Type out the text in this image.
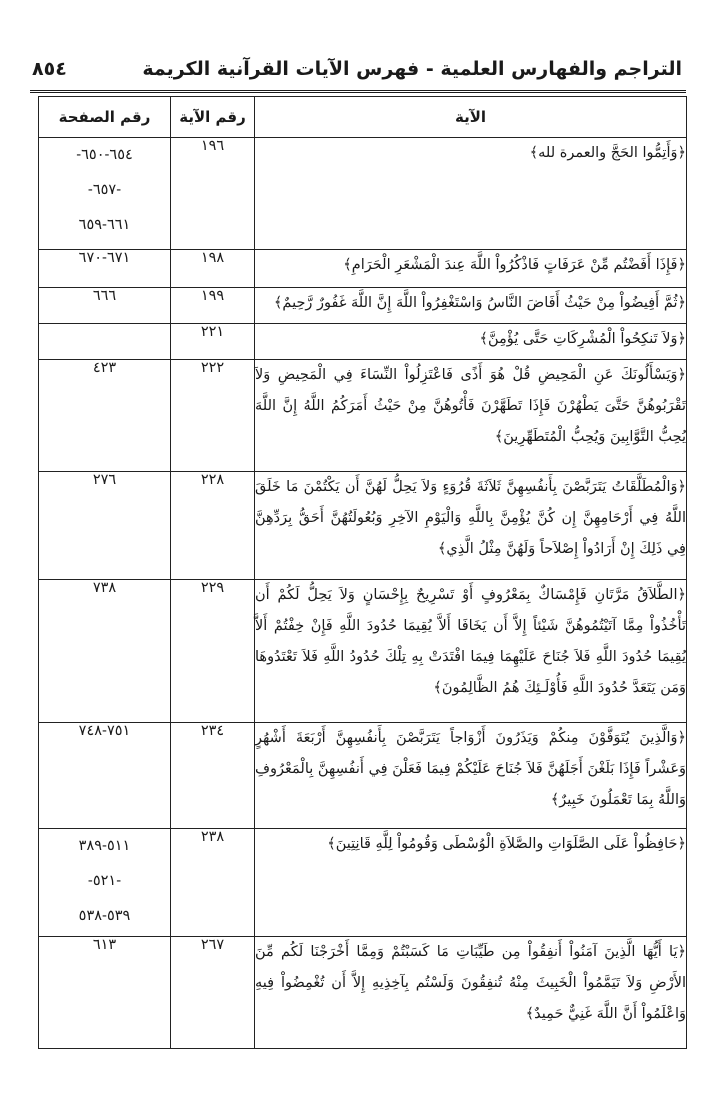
التراجم والفهارس العلمية - فهرس الآيات القرآنية الكريمة
٨٥٤
الآية	رقم الآية	رقم الصفحة
﴿وَأَتِمُّوا الحَجَّ والعمرة لله﴾	١٩٦	٦٥٤-٦٥٠-
-٦٥٧-
٦٦١-٦٥٩

﴿فَإِذَا أَفَضْتُم مِّنْ عَرَفَاتٍ فَاذْكُرُواْ اللَّهَ عِندَ الْمَشْعَرِ الْحَرَامِ﴾	١٩٨	٦٧١-٦٧٠
﴿ثُمَّ أَفِيضُواْ مِنْ حَيْثُ أَفَاضَ النَّاسُ وَاسْتَغْفِرُواْ اللَّهَ إِنَّ اللَّهَ غَفُورٌ رَّحِيمٌ﴾	١٩٩	٦٦٦
﴿وَلاَ تَنكِحُواْ الْمُشْرِكَاتِ حَتَّى يُؤْمِنَّ﴾	٢٢١	
﴿وَيَسْأَلُونَكَ عَنِ الْمَحِيضِ قُلْ هُوَ أَذًى فَاعْتَزِلُواْ النِّسَاءَ فِي الْمَحِيضِ وَلاَ تَقْرَبُوهُنَّ حَتَّىَ يَطْهُرْنَ فَإِذَا تَطَهَّرْنَ فَأْتُوهُنَّ مِنْ حَيْثُ أَمَرَكُمُ اللَّهُ إِنَّ اللَّهَ يُحِبُّ التَّوَّابِينَ وَيُحِبُّ الْمُتَطَهِّرِينَ﴾	٢٢٢	٤٢٣
﴿وَالْمُطَلَّقَاتُ يَتَرَبَّصْنَ بِأَنفُسِهِنَّ ثَلاَثَةَ قُرُوَءٍ وَلاَ يَحِلُّ لَهُنَّ أَن يَكْتُمْنَ مَا خَلَقَ اللَّهُ فِي أَرْحَامِهِنَّ إِن كُنَّ يُؤْمِنَّ بِاللَّهِ وَالْيَوْمِ الآخِرِ وَبُعُولَتُهُنَّ أَحَقُّ بِرَدِّهِنَّ فِي ذَلِكَ إِنْ أَرَادُواْ إِصْلاَحاً وَلَهُنَّ مِثْلُ الَّذِي﴾	٢٢٨	٢٧٦
﴿الطَّلاَقُ مَرَّتَانِ فَإِمْسَاكٌ بِمَعْرُوفٍ أَوْ تَسْرِيحٌ بِإِحْسَانٍ وَلاَ يَحِلُّ لَكُمْ أَن تَأْخُذُواْ مِمَّا آتَيْتُمُوهُنَّ شَيْئاً إِلاَّ أَن يَخَافَا أَلاَّ يُقِيمَا حُدُودَ اللَّهِ فَإِنْ خِفْتُمْ أَلاَّ يُقِيمَا حُدُودَ اللَّهِ فَلاَ جُنَاحَ عَلَيْهِمَا فِيمَا افْتَدَتْ بِهِ تِلْكَ حُدُودُ اللَّهِ فَلاَ تَعْتَدُوهَا وَمَن يَتَعَدَّ حُدُودَ اللَّهِ فَأُوْلَـئِكَ هُمُ الظَّالِمُونَ﴾	٢٢٩	٧٣٨
﴿وَالَّذِينَ يُتَوَفَّوْنَ مِنكُمْ وَيَذَرُونَ أَزْوَاجاً يَتَرَبَّصْنَ بِأَنفُسِهِنَّ أَرْبَعَةَ أَشْهُرٍ وَعَشْراً فَإِذَا بَلَغْنَ أَجَلَهُنَّ فَلاَ جُنَاحَ عَلَيْكُمْ فِيمَا فَعَلْنَ فِي أَنفُسِهِنَّ بِالْمَعْرُوفِ وَاللَّهُ بِمَا تَعْمَلُونَ خَبِيرٌ﴾	٢٣٤	٧٥١-٧٤٨
﴿حَافِظُواْ عَلَى الصَّلَوَاتِ والصَّلاَةِ الْوُسْطَى وَقُومُواْ لِلَّهِ قَانِتِينَ﴾	٢٣٨	٥١١-٣٨٩
-٥٢١-
٥٣٩-٥٣٨

﴿يَا أَيُّهَا الَّذِينَ آمَنُواْ أَنفِقُواْ مِن طَيِّبَاتِ مَا كَسَبْتُمْ وَمِمَّا أَخْرَجْنَا لَكُم مِّنَ الأَرْضِ وَلاَ تَيَمَّمُواْ الْخَبِيثَ مِنْهُ تُنفِقُونَ وَلَسْتُم بِآخِذِيهِ إِلاَّ أَن تُغْمِضُواْ فِيهِ وَاعْلَمُواْ أَنَّ اللَّهَ غَنِيٌّ حَمِيدٌ﴾	٢٦٧	٦١٣
